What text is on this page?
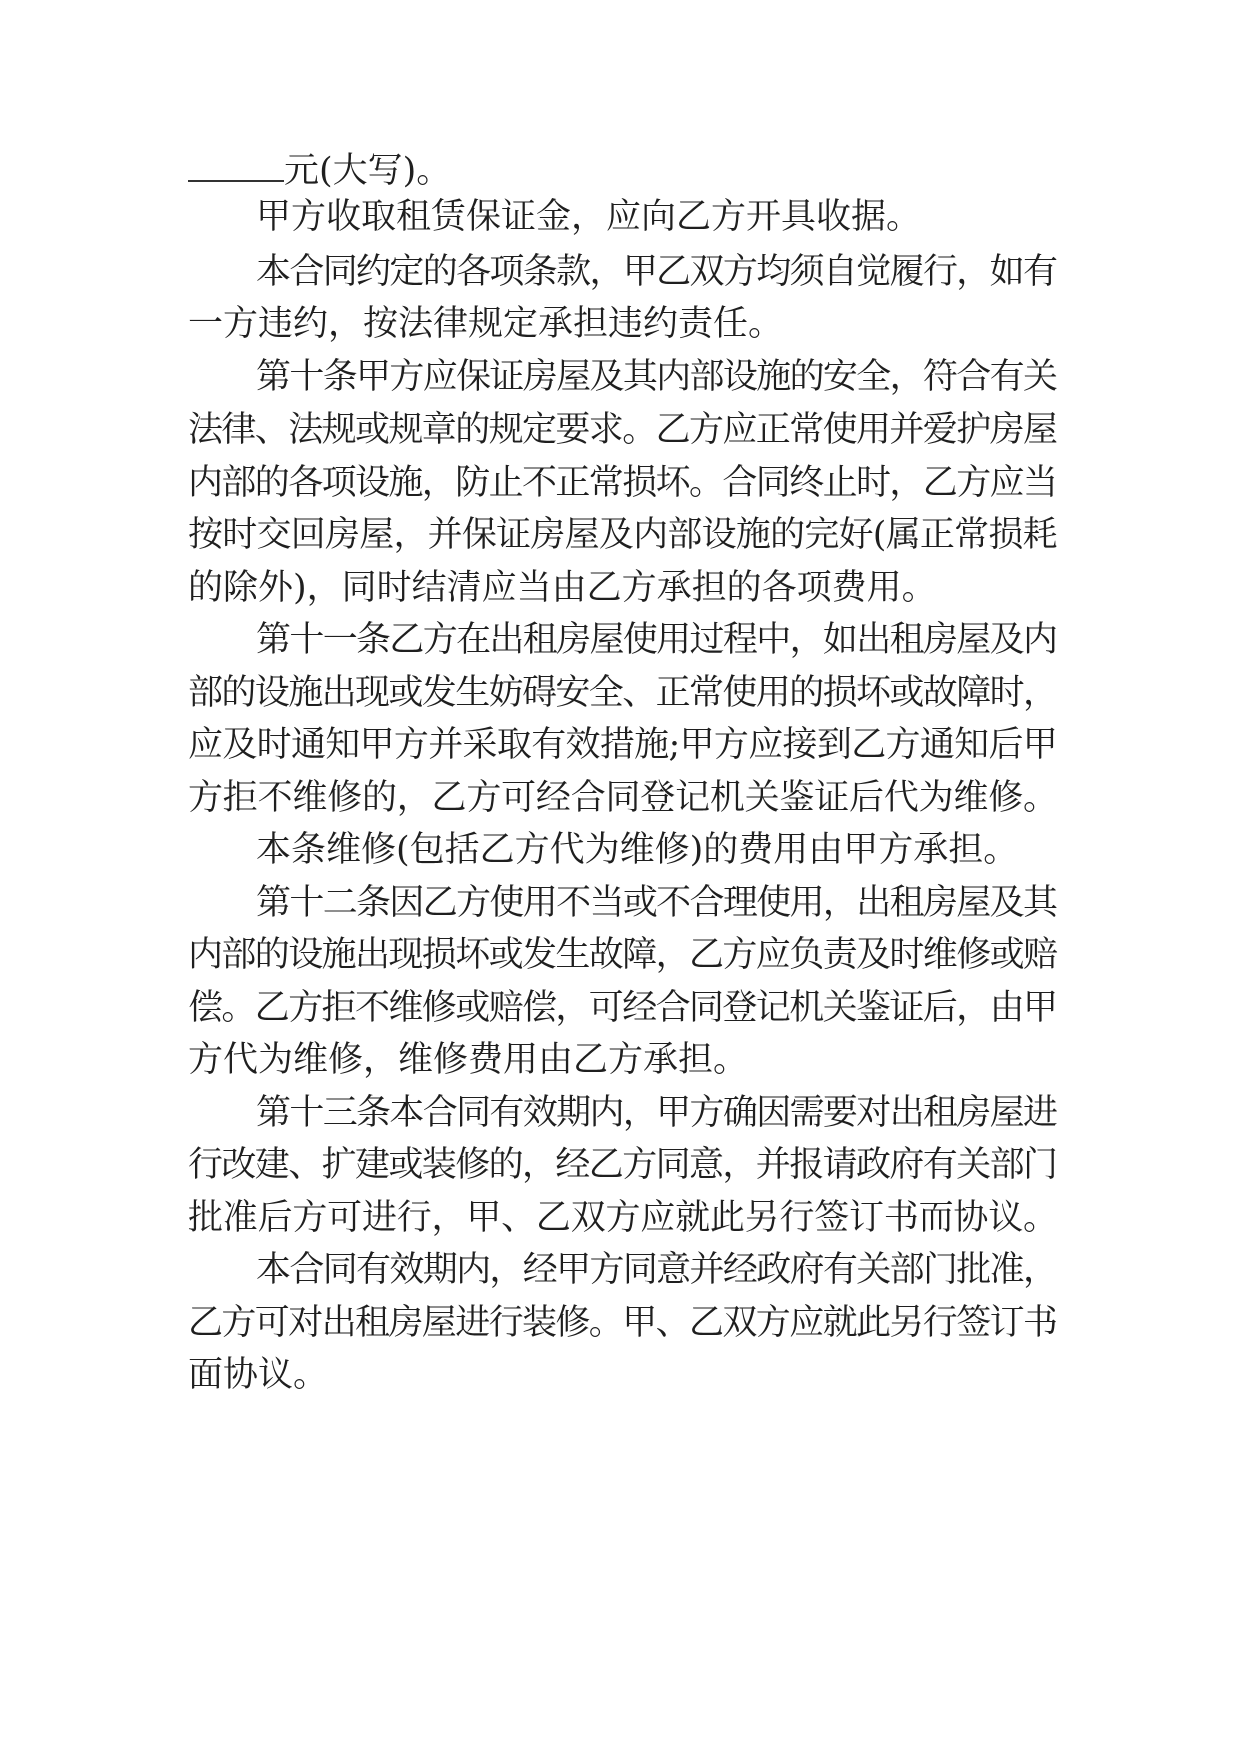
元(大写)。
甲方收取租赁保证金，应向乙方开具收据。
本合同约定的各项条款，甲乙双方均须自觉履行，如有
一方违约，按法律规定承担违约责任。
第十条甲方应保证房屋及其内部设施的安全，符合有关
法律、法规或规章的规定要求。乙方应正常使用并爱护房屋
内部的各项设施，防止不正常损坏。合同终止时，乙方应当
按时交回房屋，并保证房屋及内部设施的完好(属正常损耗
的除外)，同时结清应当由乙方承担的各项费用。
第十一条乙方在出租房屋使用过程中，如出租房屋及内
部的设施出现或发生妨碍安全、正常使用的损坏或故障时，
应及时通知甲方并采取有效措施;甲方应接到乙方通知后甲
方拒不维修的，乙方可经合同登记机关鉴证后代为维修。
本条维修(包括乙方代为维修)的费用由甲方承担。
第十二条因乙方使用不当或不合理使用，出租房屋及其
内部的设施出现损坏或发生故障，乙方应负责及时维修或赔
偿。乙方拒不维修或赔偿，可经合同登记机关鉴证后，由甲
方代为维修，维修费用由乙方承担。
第十三条本合同有效期内，甲方确因需要对出租房屋进
行改建、扩建或装修的，经乙方同意，并报请政府有关部门
批准后方可进行，甲、乙双方应就此另行签订书而协议。
本合同有效期内，经甲方同意并经政府有关部门批准，
乙方可对出租房屋进行装修。甲、乙双方应就此另行签订书
面协议。
